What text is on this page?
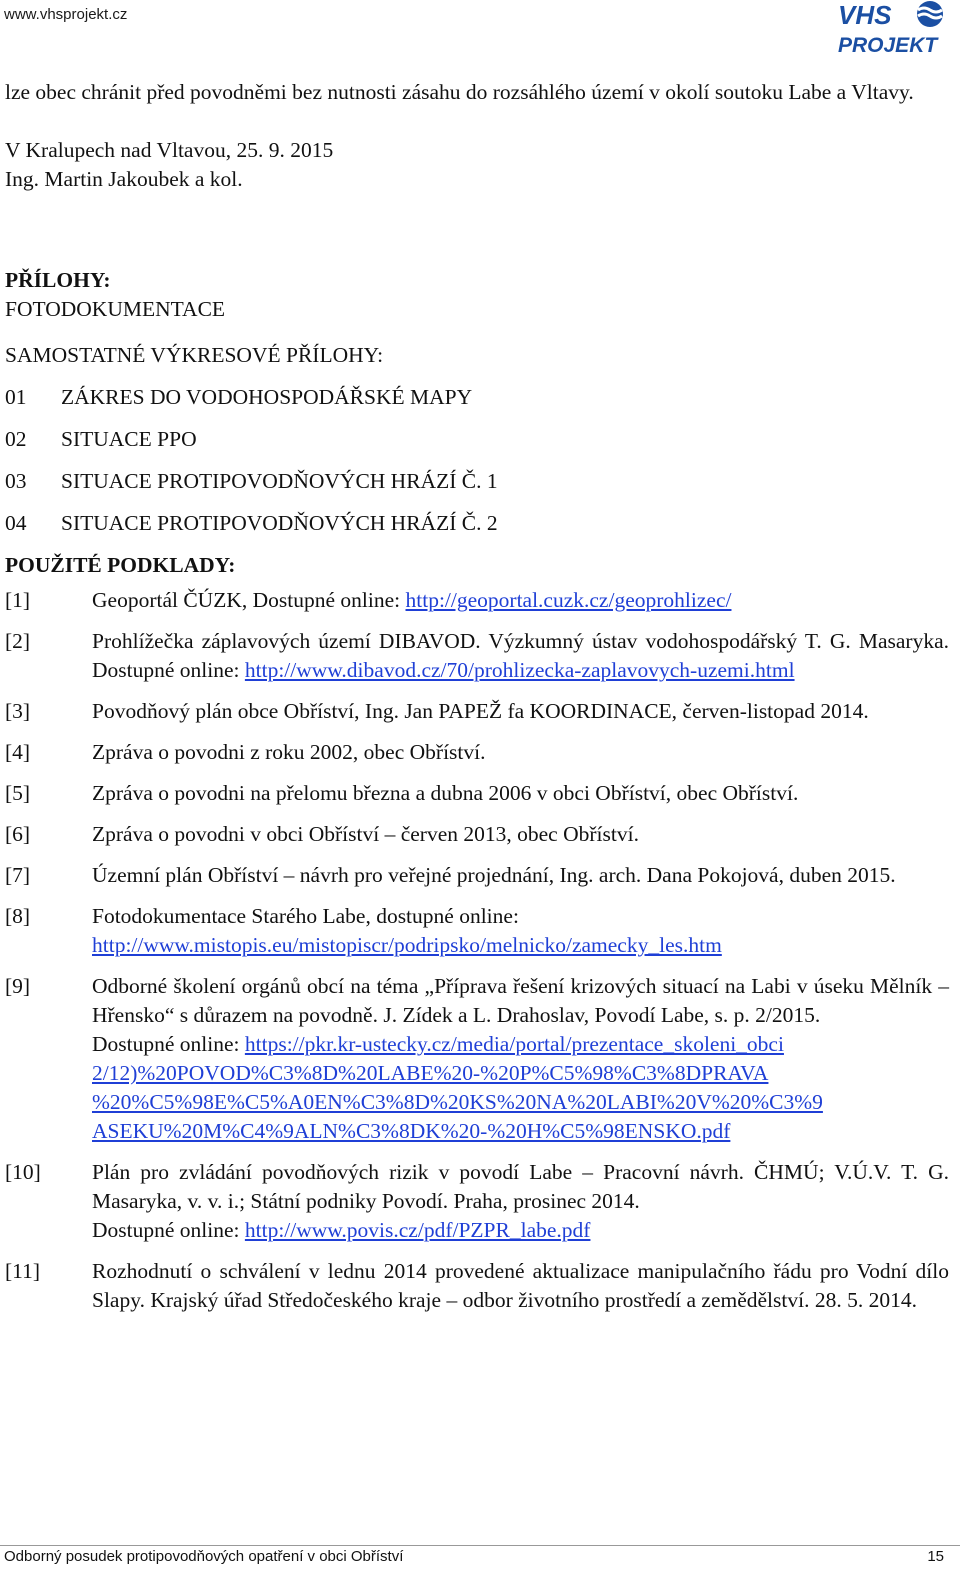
www.vhsprojekt.cz	VHS
PROJEKT

lze obec chránit před povodněmi bez nutnosti zásahu do rozsáhlého území v okolí soutoku Labe a Vltavy.

V Kralupech nad Vltavou, 25. 9. 2015
Ing. Martin Jakoubek a kol.
PŘÍLOHY:
FOTODOKUMENTACE
SAMOSTATNÉ VÝKRESOVÉ PŘÍLOHY:
01	ZÁKRES DO VODOHOSPODÁŘSKÉ MAPY
02	SITUACE PPO
03	SITUACE PROTIPOVODŇOVÝCH HRÁZÍ Č. 1
04	SITUACE PROTIPOVODŇOVÝCH HRÁZÍ Č. 2
POUŽITÉ PODKLADY:
[1]	Geoportál ČÚZK, Dostupné online: http://geoportal.cuzk.cz/geoprohlizec/
[2]	Prohlížečka záplavových území DIBAVOD. Výzkumný ústav vodohospodářský T. G. Masaryka. Dostupné online: http://www.dibavod.cz/70/prohlizecka-zaplavovych-uzemi.html
[3]	Povodňový plán obce Obříství, Ing. Jan PAPEŽ fa KOORDINACE, červen-listopad 2014.
[4]	Zpráva o povodni z roku 2002, obec Obříství.
[5]	Zpráva o povodni na přelomu března a dubna 2006 v obci Obříství, obec Obříství.
[6]	Zpráva o povodni v obci Obříství – červen 2013, obec Obříství.
[7]	Územní plán Obříství – návrh pro veřejné projednání, Ing. arch. Dana Pokojová, duben 2015.
[8]	Fotodokumentace Starého Labe, dostupné online:
http://www.mistopis.eu/mistopiscr/podripsko/melnicko/zamecky_les.htm
[9]	Odborné školení orgánů obcí na téma „Příprava řešení krizových situací na Labi v úseku Mělník – Hřensko“ s důrazem na povodně. J. Zídek a L. Drahoslav, Povodí Labe, s. p. 2/2015.
Dostupné online: https://pkr.kr-ustecky.cz/media/portal/prezentace_skoleni_obci
2/12)%20POVOD%C3%8D%20LABE%20-%20P%C5%98%C3%8DPRAVA
%20%C5%98E%C5%A0EN%C3%8D%20KS%20NA%20LABI%20V%20%C3%9
ASEKU%20M%C4%9ALN%C3%8DK%20-%20H%C5%98ENSKO.pdf
[10]	Plán pro zvládání povodňových rizik v povodí Labe – Pracovní návrh. ČHMÚ; V.Ú.V. T. G. Masaryka, v. v. i.; Státní podniky Povodí. Praha, prosinec 2014.
Dostupné online: http://www.povis.cz/pdf/PZPR_labe.pdf
[11]	Rozhodnutí o schválení v lednu 2014 provedené aktualizace manipulačního řádu pro Vodní dílo Slapy. Krajský úřad Středočeského kraje – odbor životního prostředí a zemědělství. 28. 5. 2014.
Odborný posudek protipovodňových opatření v obci Obříství	15
